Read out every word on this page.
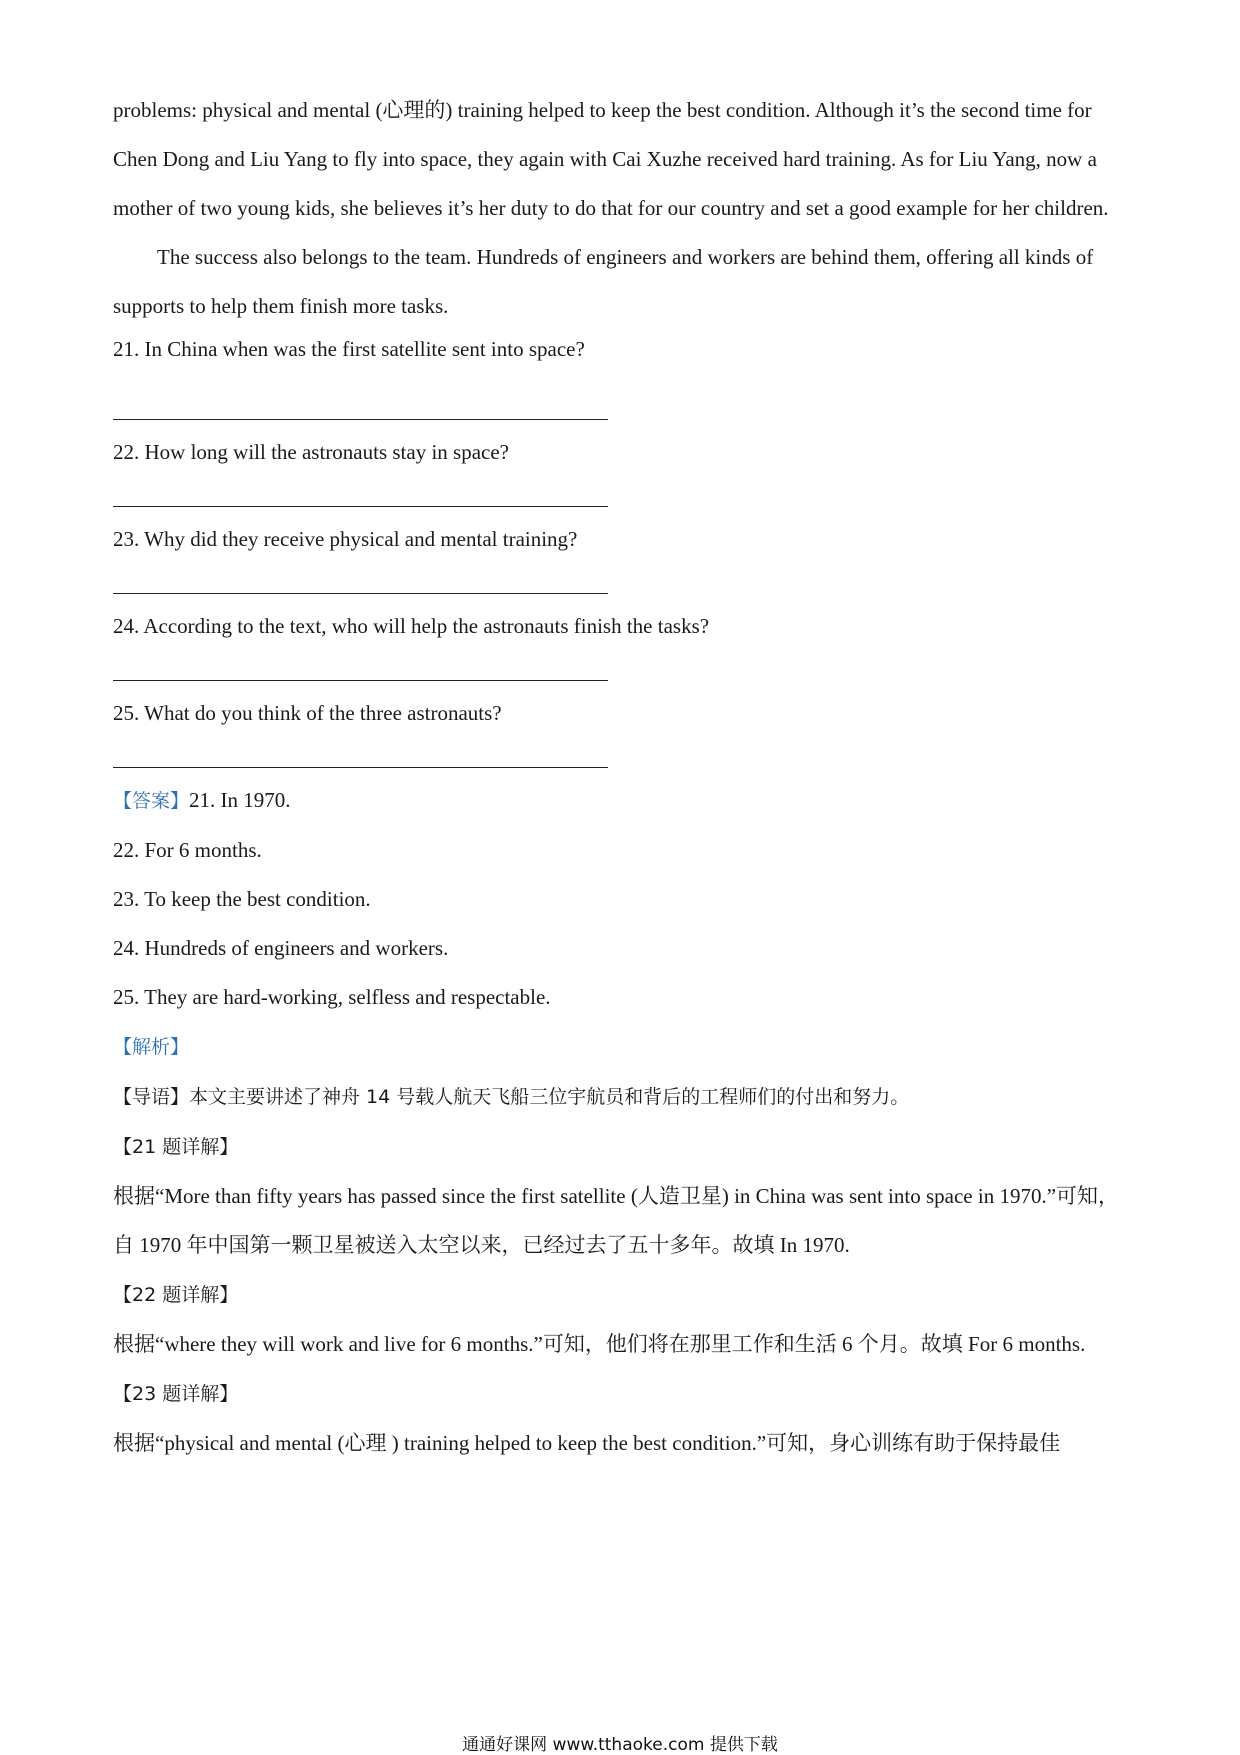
problems: physical and mental (心理的) training helped to keep the best condition. Although it’s the second time for Chen Dong and Liu Yang to fly into space, they again with Cai Xuzhe received hard training. As for Liu Yang, now a mother of two young kids, she believes it’s her duty to do that for our country and set a good example for her children.

The success also belongs to the team. Hundreds of engineers and workers are behind them, offering all kinds of supports to help them finish more tasks.

21. In China when was the first satellite sent into space?

22. How long will the astronauts stay in space?

23. Why did they receive physical and mental training?

24. According to the text, who will help the astronauts finish the tasks?

25. What do you think of the three astronauts?

【答案】21. In 1970.

22. For 6 months.

23. To keep the best condition.

24. Hundreds of engineers and workers.

25. They are hard-working, selfless and respectable.

【解析】

【导语】本文主要讲述了神舟 14 号载人航天飞船三位宇航员和背后的工程师们的付出和努力。

【21 题详解】

根据“More than fifty years has passed since the first satellite (人造卫星) in China was sent into space in 1970.”可知，自 1970 年中国第一颗卫星被送入太空以来，已经过去了五十多年。故填 In 1970.

【22 题详解】

根据“where they will work and live for 6 months.”可知，他们将在那里工作和生活 6 个月。故填 For 6 months.

【23 题详解】

根据“physical and mental (心理 ) training helped to keep the best condition.”可知，身心训练有助于保持最佳

通通好课网 www.tthaoke.com 提供下载
